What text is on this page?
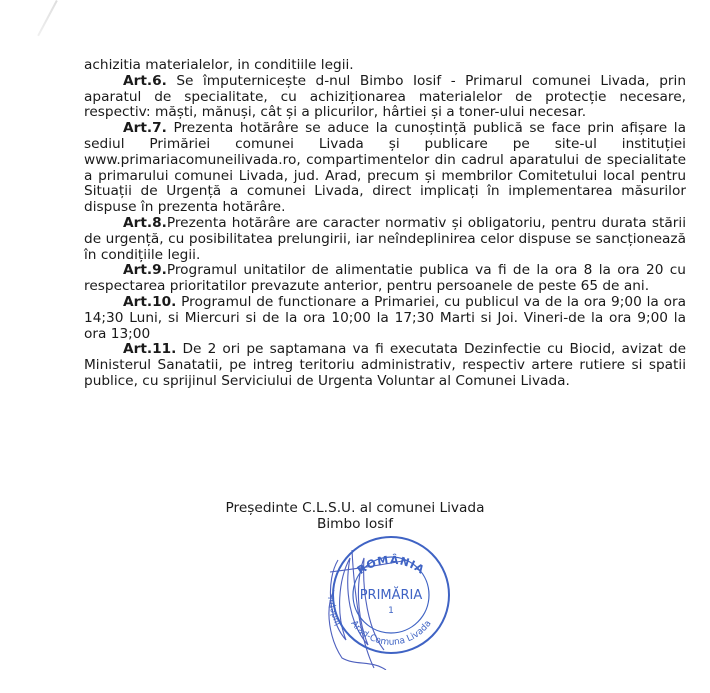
achizitia materialelor, in conditiile legii.

Art.6. Se împuternicește d-nul Bimbo Iosif - Primarul comunei Livada, prin aparatul de specialitate, cu achiziționarea materialelor de protecție necesare, respectiv: măști, mănuși, cât și a plicurilor, hârtiei și a toner-ului necesar.

Art.7. Prezenta hotărâre se aduce la cunoștință publică se face prin afișare la sediul Primăriei comunei Livada și publicare pe site-ul instituției www.primariacomuneilivada.ro, compartimentelor din cadrul aparatului de specialitate a primarului comunei Livada, jud. Arad, precum și membrilor Comitetului local pentru Situații de Urgență a comunei Livada, direct implicați în implementarea măsurilor dispuse în prezenta hotărâre.

Art.8.Prezenta hotărâre are caracter normativ și obligatoriu, pentru durata stării de urgență, cu posibilitatea prelungirii, iar neîndeplinirea celor dispuse se sancționează în condițiile legii.

Art.9.Programul unitatilor de alimentatie publica va fi de la ora 8 la ora 20 cu respectarea prioritatilor prevazute anterior, pentru persoanele de peste 65 de ani.

Art.10. Programul de functionare a Primariei, cu publicul va de la ora 9;00 la ora 14;30 Luni, si Miercuri si de la ora 10;00 la 17;30 Marti si Joi. Vineri-de la ora 9;00 la ora 13;00

Art.11. De 2 ori pe saptamana va fi executata Dezinfectie cu Biocid, avizat de Ministerul Sanatatii, pe intreg teritoriu administrativ, respectiv artere rutiere si spatii publice, cu sprijinul Serviciului de Urgenta Voluntar al Comunei Livada.

Președinte C.L.S.U. al comunei Livada
Bimbo Iosif
ROMÂNIA
Arad-Comuna Livada
Județul	PRIMĂRIA
1
